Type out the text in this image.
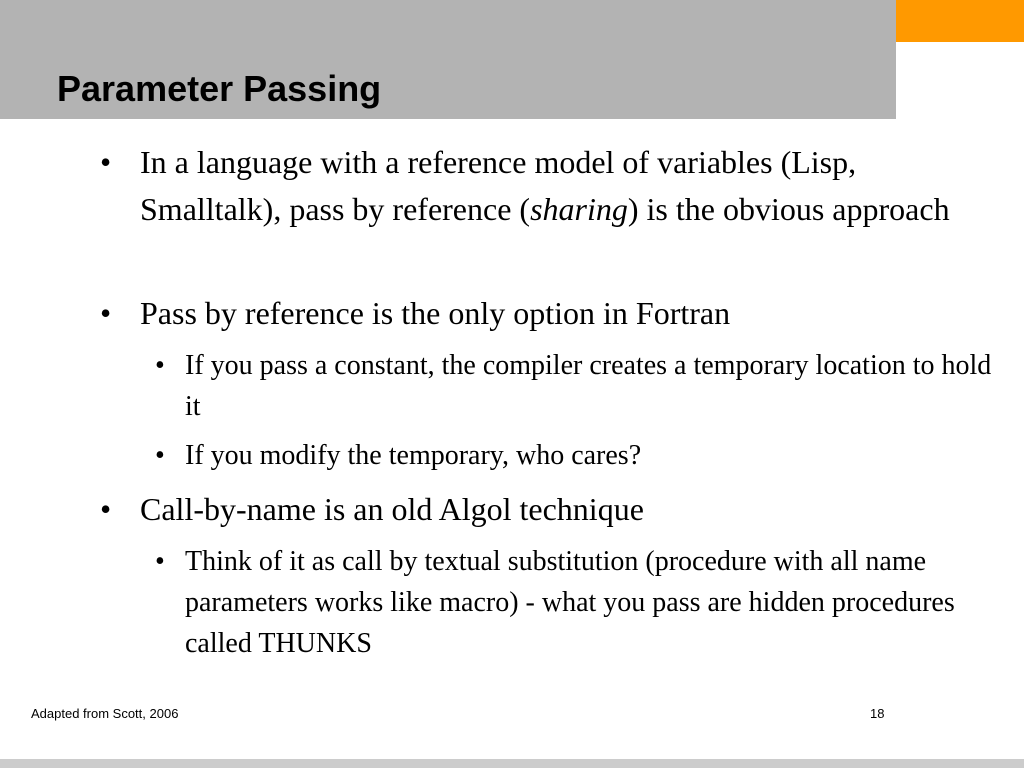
Parameter Passing
• In a language with a reference model of variables (Lisp, Smalltalk), pass by reference (sharing) is the obvious approach
• Pass by reference is the only option in Fortran
• If you pass a constant, the compiler creates a temporary location to hold it
• If you modify the temporary, who cares?
• Call-by-name is an old Algol technique
• Think of it as call by textual substitution (procedure with all name parameters works like macro) - what you pass are hidden procedures called THUNKS
Adapted from Scott, 2006	18
